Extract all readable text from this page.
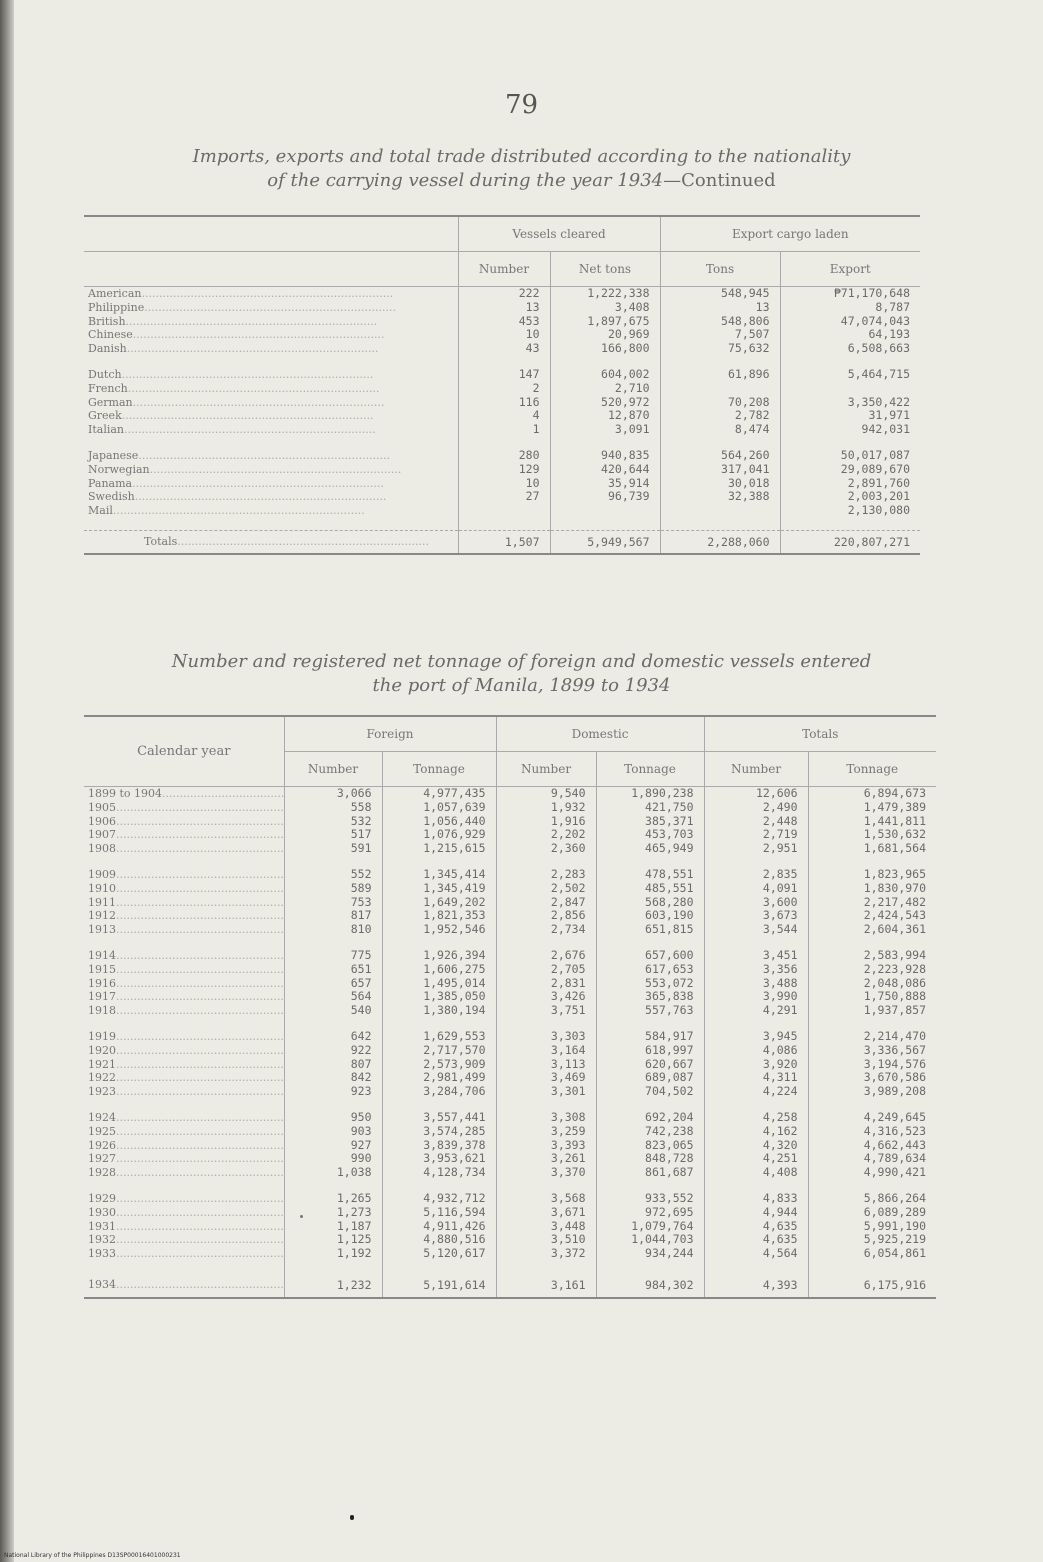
79
Imports, exports and total trade distributed according to the nationality
of the carrying vessel during the year 1934—Continued
	Vessels cleared		Export cargo laden	
	Number	Net tons	Tons	Export
American .....	222	1,222,338	548,945	₱71,170,648
Philippine .....	13	3,408	13	8,787
British .....	453	1,897,675	548,806	47,074,043
Chinese .....	10	20,969	7,507	64,193
Danish .....	43	166,800	75,632	6,508,663

Dutch .....	147	604,002	61,896	5,464,715
French .....	2	2,710		
German .....	116	520,972	70,208	3,350,422
Greek .....	4	12,870	2,782	31,971
Italian .....	1	3,091	8,474	942,031

Japanese .....	280	940,835	564,260	50,017,087
Norwegian .....	129	420,644	317,041	29,089,670
Panama .....	10	35,914	30,018	2,891,760
Swedish .....	27	96,739	32,388	2,003,201
Mail .....				2,130,080

Totals .....	1,507	5,949,567	2,288,060	220,807,271
Number and registered net tonnage of foreign and domestic vessels entered
the port of Manila, 1899 to 1934
Calendar year	Foreign		Domestic		Totals	
	Number	Tonnage	Number	Tonnage	Number	Tonnage
1899 to 1904 .....	3,066	4,977,435	9,540	1,890,238	12,606	6,894,673
1905 .....	558	1,057,639	1,932	421,750	2,490	1,479,389
1906 .....	532	1,056,440	1,916	385,371	2,448	1,441,811
1907 .....	517	1,076,929	2,202	453,703	2,719	1,530,632
1908 .....	591	1,215,615	2,360	465,949	2,951	1,681,564

1909 .....	552	1,345,414	2,283	478,551	2,835	1,823,965
1910 .....	589	1,345,419	2,502	485,551	4,091	1,830,970
1911 .....	753	1,649,202	2,847	568,280	3,600	2,217,482
1912 .....	817	1,821,353	2,856	603,190	3,673	2,424,543
1913 .....	810	1,952,546	2,734	651,815	3,544	2,604,361

1914 .....	775	1,926,394	2,676	657,600	3,451	2,583,994
1915 .....	651	1,606,275	2,705	617,653	3,356	2,223,928
1916 .....	657	1,495,014	2,831	553,072	3,488	2,048,086
1917 .....	564	1,385,050	3,426	365,838	3,990	1,750,888
1918 .....	540	1,380,194	3,751	557,763	4,291	1,937,857

1919 .....	642	1,629,553	3,303	584,917	3,945	2,214,470
1920 .....	922	2,717,570	3,164	618,997	4,086	3,336,567
1921 .....	807	2,573,909	3,113	620,667	3,920	3,194,576
1922 .....	842	2,981,499	3,469	689,087	4,311	3,670,586
1923 .....	923	3,284,706	3,301	704,502	4,224	3,989,208

1924 .....	950	3,557,441	3,308	692,204	4,258	4,249,645
1925 .....	903	3,574,285	3,259	742,238	4,162	4,316,523
1926 .....	927	3,839,378	3,393	823,065	4,320	4,662,443
1927 .....	990	3,953,621	3,261	848,728	4,251	4,789,634
1928 .....	1,038	4,128,734	3,370	861,687	4,408	4,990,421

1929 .....	1,265	4,932,712	3,568	933,552	4,833	5,866,264
1930 .....	1,273	5,116,594	3,671	972,695	4,944	6,089,289
1931 .....	1,187	4,911,426	3,448	1,079,764	4,635	5,991,190
1932 .....	1,125	4,880,516	3,510	1,044,703	4,635	5,925,219
1933 .....	1,192	5,120,617	3,372	934,244	4,564	6,054,861

1934 .....	1,232	5,191,614	3,161	984,302	4,393	6,175,916
National Library of the Philippines D13SP00016401000231
